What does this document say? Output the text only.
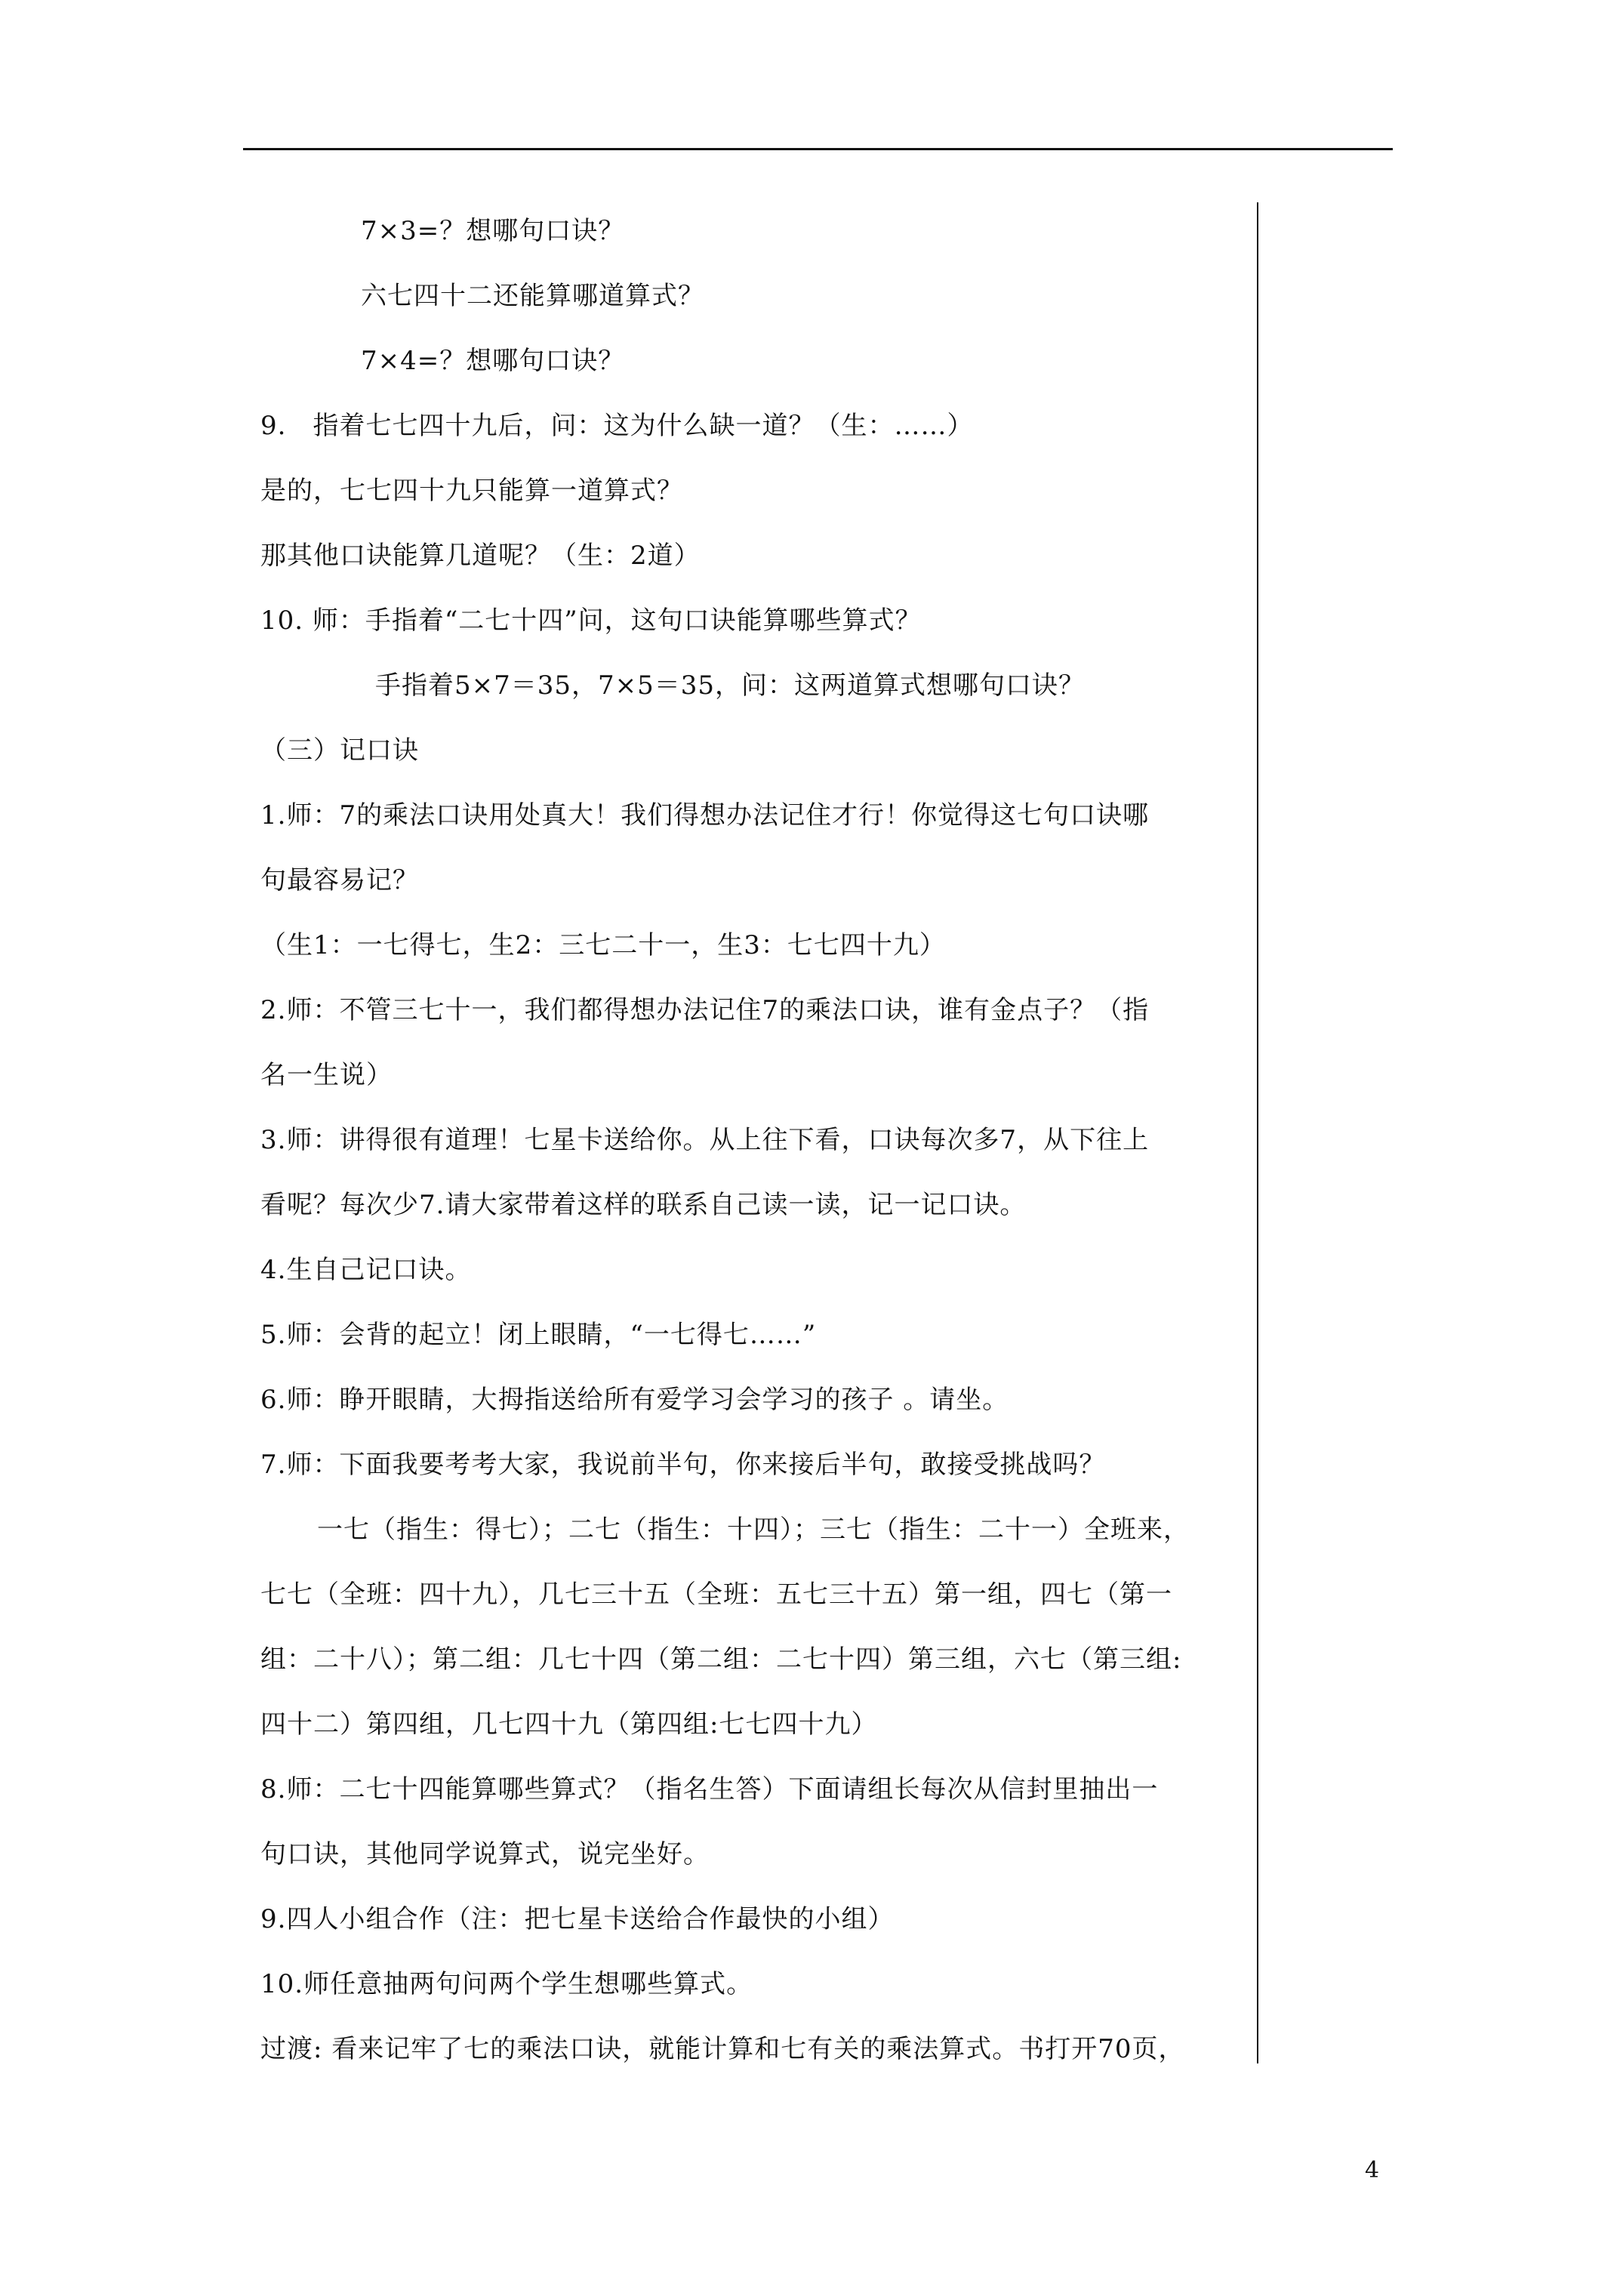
7×3=？想哪句口诀？

六七四十二还能算哪道算式？

7×4=？想哪句口诀？

9.　指着七七四十九后，问：这为什么缺一道？（生：……）

是的，七七四十九只能算一道算式？

那其他口诀能算几道呢？（生：2道）

10. 师：手指着“二七十四”问，这句口诀能算哪些算式？

手指着5×7＝35，7×5＝35，问：这两道算式想哪句口诀？

（三）记口诀

1.师：7的乘法口诀用处真大！我们得想办法记住才行！你觉得这七句口诀哪

句最容易记？

（生1：一七得七，生2：三七二十一，生3：七七四十九）

2.师：不管三七十一，我们都得想办法记住7的乘法口诀，谁有金点子？（指

名一生说）

3.师：讲得很有道理！七星卡送给你。从上往下看，口诀每次多7，从下往上

看呢？每次少7.请大家带着这样的联系自己读一读，记一记口诀。

4.生自己记口诀。

5.师：会背的起立！闭上眼睛，“一七得七……”

6.师：睁开眼睛，大拇指送给所有爱学习会学习的孩子 。请坐。

7.师：下面我要考考大家，我说前半句，你来接后半句，敢接受挑战吗？

一七（指生：得七）；二七（指生：十四）；三七（指生：二十一）全班来，

七七（全班：四十九），几七三十五（全班：五七三十五）第一组，四七（第一

组：二十八）；第二组：几七十四（第二组：二七十四）第三组，六七（第三组:

四十二）第四组，几七四十九（第四组:七七四十九）

8.师：二七十四能算哪些算式？（指名生答）下面请组长每次从信封里抽出一

句口诀，其他同学说算式，说完坐好。

9.四人小组合作（注：把七星卡送给合作最快的小组）

10.师任意抽两句问两个学生想哪些算式。

过渡: 看来记牢了七的乘法口诀，就能计算和七有关的乘法算式。书打开70页，

4
